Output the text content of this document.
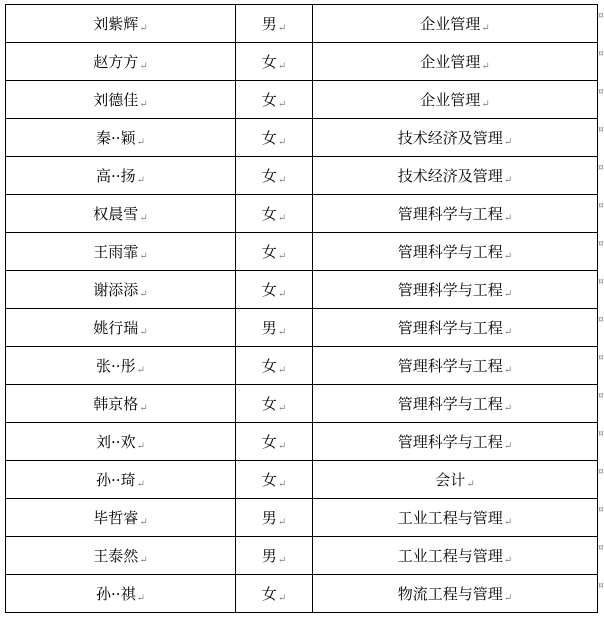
刘紫辉↵	男↵	企业管理↵
赵方方↵	女↵	企业管理↵
刘德佳↵	女↵	企业管理↵
秦··颖↵	女↵	技术经济及管理↵
高··扬↵	女↵	技术经济及管理↵
权晨雪↵	女↵	管理科学与工程↵
王雨霏↵	女↵	管理科学与工程↵
谢添添↵	女↵	管理科学与工程↵
姚行瑞↵	男↵	管理科学与工程↵
张··彤↵	女↵	管理科学与工程↵
韩京格↵	女↵	管理科学与工程↵
刘··欢↵	女↵	管理科学与工程↵
孙··琦↵	女↵	会计↵
毕哲睿↵	男↵	工业工程与管理↵
王泰然↵	男↵	工业工程与管理↵
孙··祺↵	女↵	物流工程与管理↵
¤
¤
¤
¤
¤
¤
¤
¤
¤
¤
¤
¤
¤
¤
¤
¤
